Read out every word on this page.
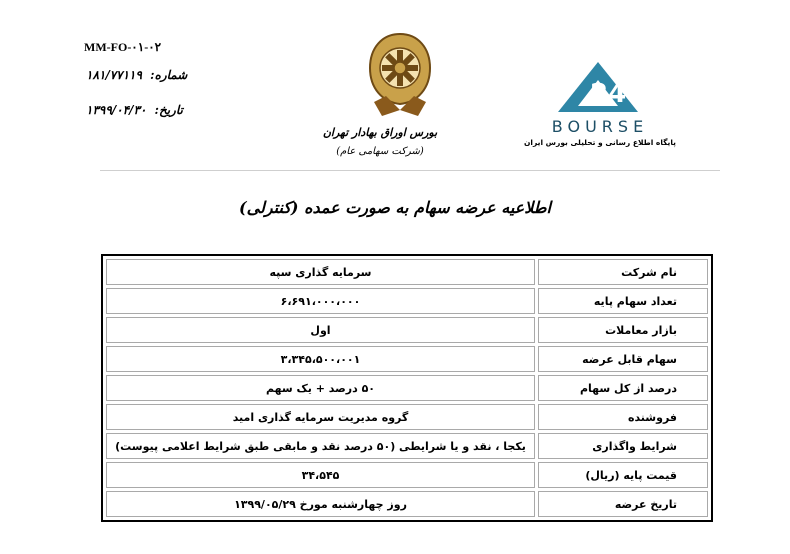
MM-FO-۰۱-۰۲
شماره: ۱۸۱/۷۷۱۱۹
تاریخ: ۱۳۹۹/۰۴/۳۰
بورس اوراق بهادار تهران
(شرکت سهامی عام)
24
BOURSE
پایگاه اطلاع رسانی و تحلیلی بورس ایران
اطلاعیه عرضه سهام به صورت عمده (کنترلی)
نام شرکت	سرمایه گذاری سپه
تعداد سهام پایه	۶،۶۹۱،۰۰۰،۰۰۰
بازار معاملات	اول
سهام قابل عرضه	۳،۳۴۵،۵۰۰،۰۰۱
درصد از کل سهام	۵۰ درصد + یک سهم
فروشنده	گروه مدیریت سرمایه گذاری امید
شرایط واگذاری	یکجا ، نقد و یا شرایطی (۵۰ درصد نقد و مابقی طبق شرایط اعلامی پیوست)
قیمت پایه (ریال)	۳۴،۵۴۵
تاریخ عرضه	روز چهارشنبه مورخ ۱۳۹۹/۰۵/۲۹
